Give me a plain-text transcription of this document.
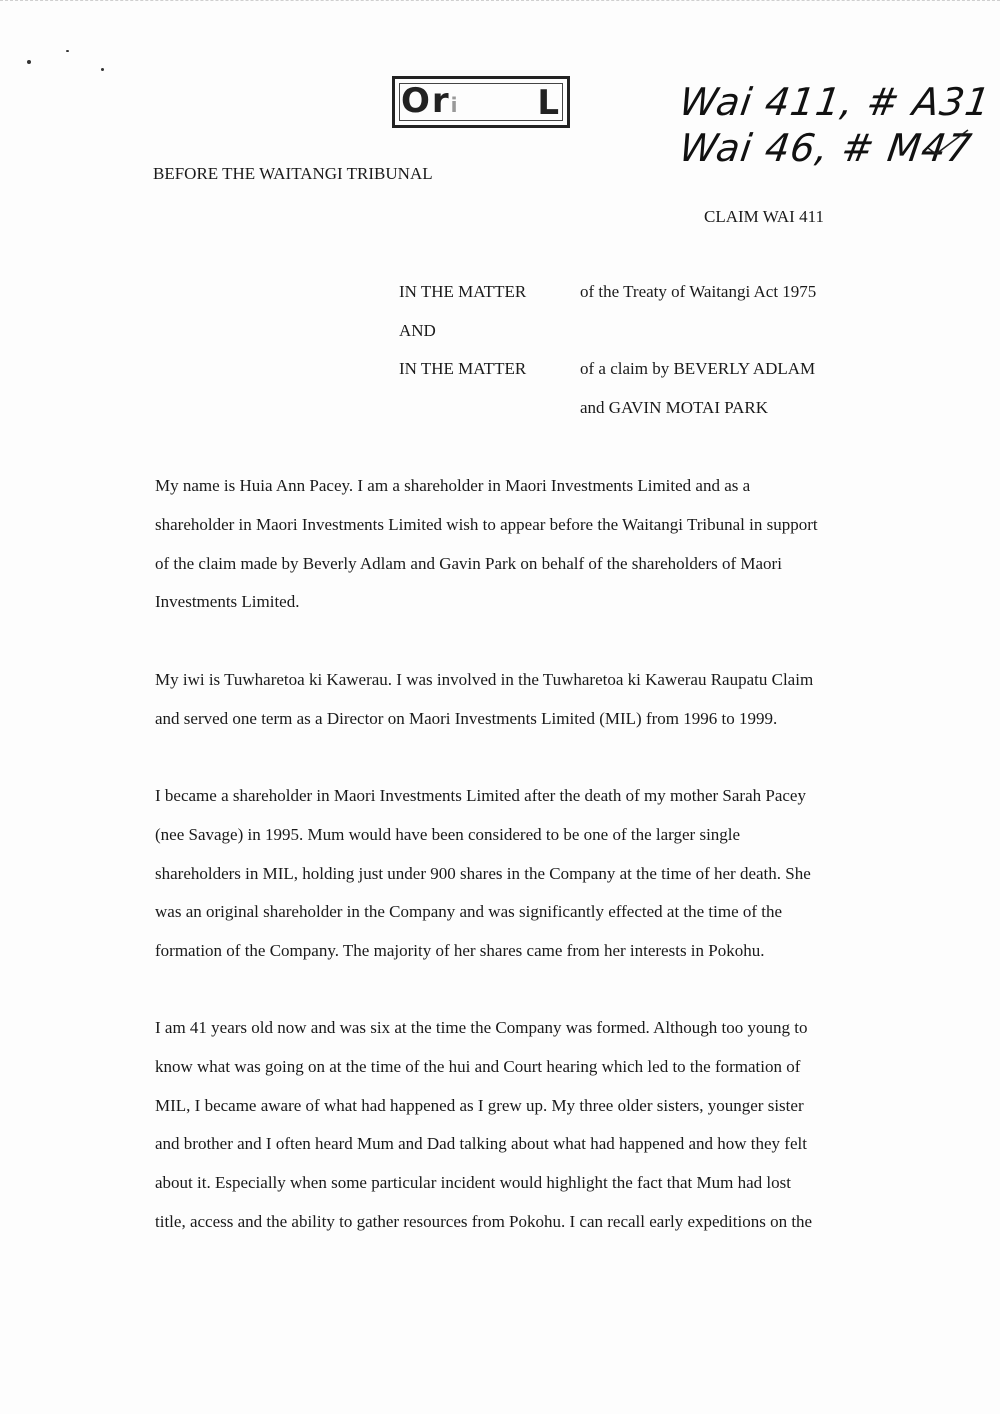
Ori L	Wai 411, # A31
Wai 46, # M47
BEFORE THE WAITANGI TRIBUNAL
CLAIM WAI 411
IN THE MATTER	of the Treaty of Waitangi Act 1975
AND
IN THE MATTER	of a claim by BEVERLY ADLAM
and GAVIN MOTAI PARK
My name is Huia Ann Pacey. I am a shareholder in Maori Investments Limited and as a
shareholder in Maori Investments Limited wish to appear before the Waitangi Tribunal in support
of the claim made by Beverly Adlam and Gavin Park on behalf of the shareholders of Maori
Investments Limited.
My iwi is Tuwharetoa ki Kawerau. I was involved in the Tuwharetoa ki Kawerau Raupatu Claim
and served one term as a Director on Maori Investments Limited (MIL) from 1996 to 1999.
I became a shareholder in Maori Investments Limited after the death of my mother Sarah Pacey
(nee Savage) in 1995. Mum would have been considered to be one of the larger single
shareholders in MIL, holding just under 900 shares in the Company at the time of her death. She
was an original shareholder in the Company and was significantly effected at the time of the
formation of the Company. The majority of her shares came from her interests in Pokohu.
I am 41 years old now and was six at the time the Company was formed. Although too young to
know what was going on at the time of the hui and Court hearing which led to the formation of
MIL, I became aware of what had happened as I grew up. My three older sisters, younger sister
and brother and I often heard Mum and Dad talking about what had happened and how they felt
about it. Especially when some particular incident would highlight the fact that Mum had lost
title, access and the ability to gather resources from Pokohu. I can recall early expeditions on the
